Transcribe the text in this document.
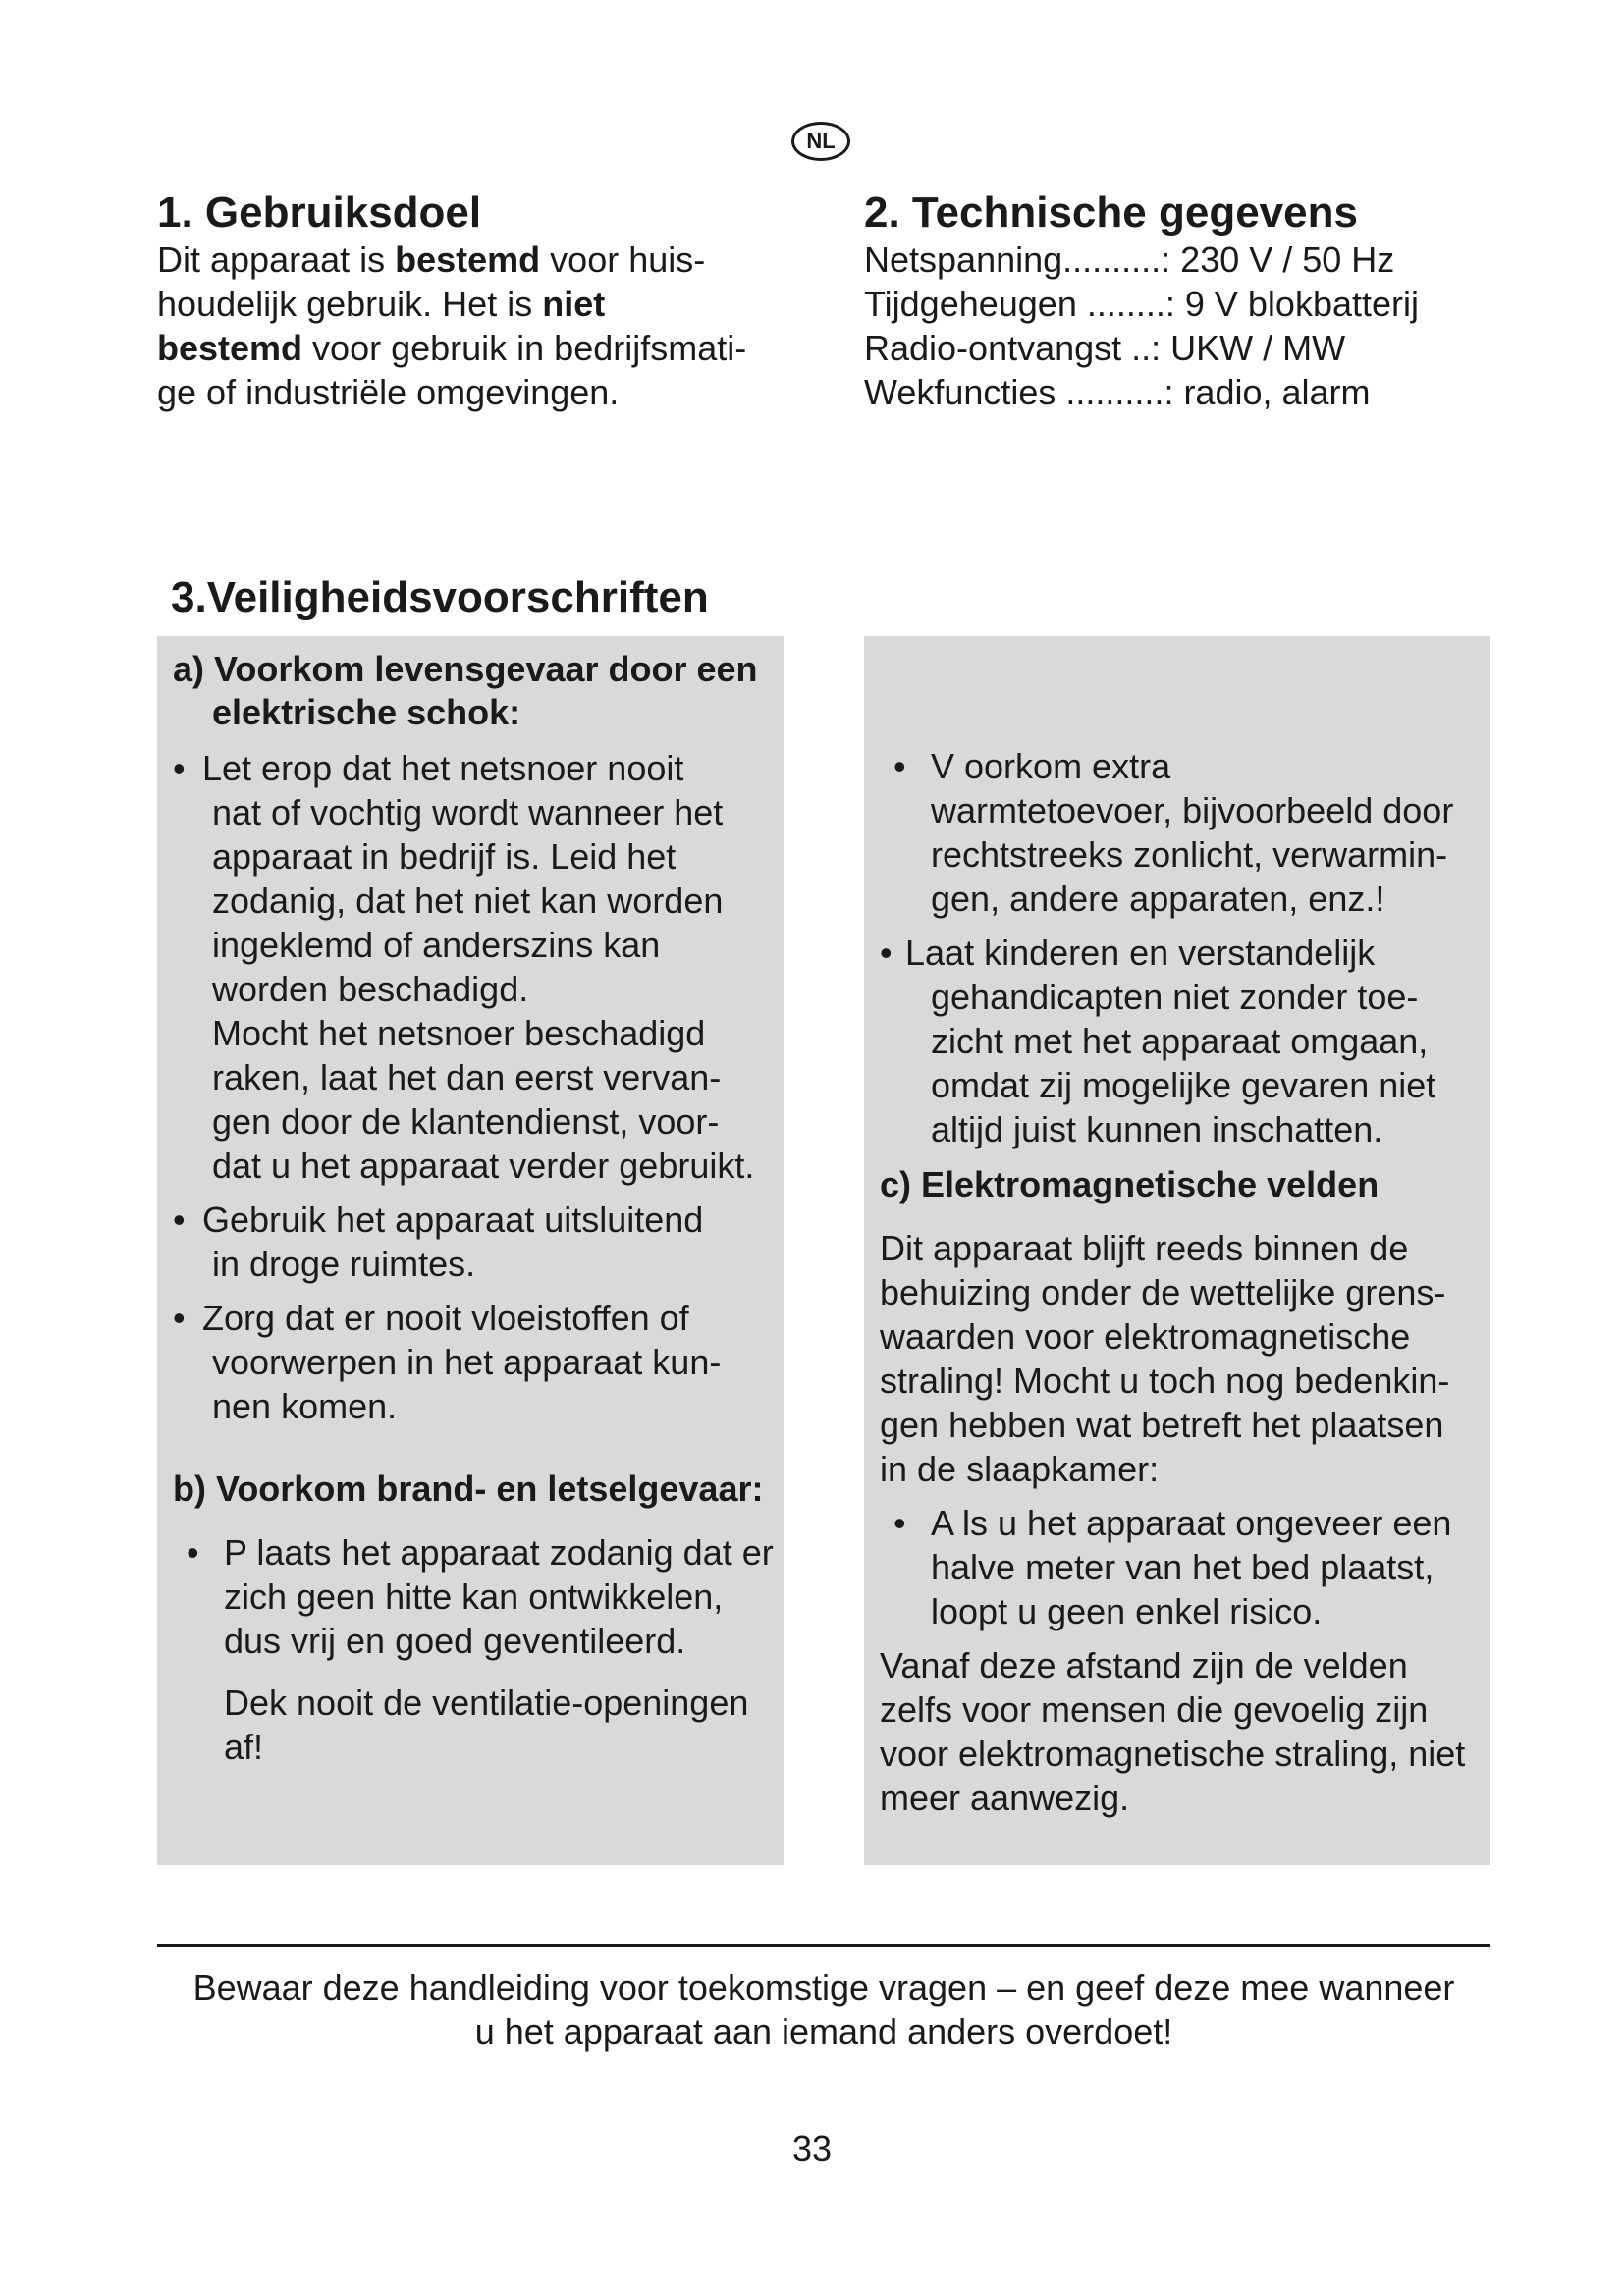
NL
1. Gebruiksdoel

Dit apparaat is bestemd voor huis-

houdelijk gebruik. Het is niet

bestemd voor gebruik in bedrijfsmati-

ge of industriële omgevingen.

2. Technische gegevens
Netspanning..........: 230 V / 50 Hz
Tijdgeheugen ........: 9 V blokbatterij
Radio-ontvangst ..: UKW / MW
Wekfuncties ..........: radio, alarm
3.Veiligheidsvoorschriften
a) Voorkom levensgevaar door een
elektrische schok:
• Let erop dat het netsnoer nooit
nat of vochtig wordt wanneer het
apparaat in bedrijf is. Leid het
zodanig, dat het niet kan worden
ingeklemd of anderszins kan
worden beschadigd.
Mocht het netsnoer beschadigd
raken, laat het dan eerst vervan-
gen door de klantendienst, voor-
dat u het apparaat verder gebruikt.
• Gebruik het apparaat uitsluitend
in droge ruimtes.
• Zorg dat er nooit vloeistoffen of
voorwerpen in het apparaat kun-
nen komen.
b) Voorkom brand- en letselgevaar:
• P laats het apparaat zodanig dat er
zich geen hitte kan ontwikkelen,
dus vrij en goed geventileerd.
Dek nooit de ventilatie-openingen
af!
• V oorkom extra
warmtetoevoer, bijvoorbeeld door
rechtstreeks zonlicht, verwarmin-
gen, andere apparaten, enz.!
• Laat kinderen en verstandelijk
gehandicapten niet zonder toe-
zicht met het apparaat omgaan,
omdat zij mogelijke gevaren niet
altijd juist kunnen inschatten.
c) Elektromagnetische velden
Dit apparaat blijft reeds binnen de
behuizing onder de wettelijke grens-
waarden voor elektromagnetische
straling! Mocht u toch nog bedenkin-
gen hebben wat betreft het plaatsen
in de slaapkamer:
• A ls u het apparaat ongeveer een
halve meter van het bed plaatst,
loopt u geen enkel risico.
Vanaf deze afstand zijn de velden
zelfs voor mensen die gevoelig zijn
voor elektromagnetische straling, niet
meer aanwezig.
Bewaar deze handleiding voor toekomstige vragen – en geef deze mee wanneer
u het apparaat aan iemand anders overdoet!
33
